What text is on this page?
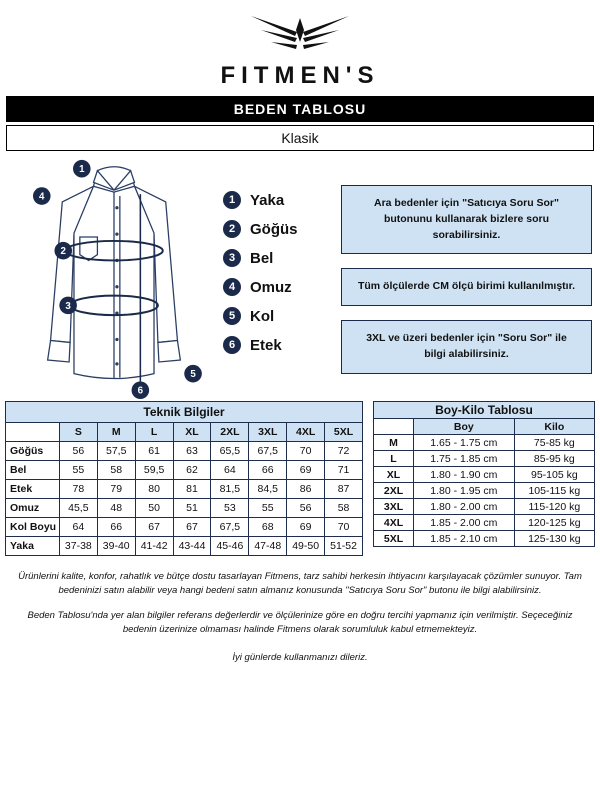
FITMEN'S
BEDEN TABLOSU
Klasik
1
2
3
4
5
6
1 Yaka
2 Göğüs
3 Bel
4 Omuz
5 Kol
6 Etek
Ara bedenler için "Satıcıya Soru Sor" butonunu kullanarak bizlere soru sorabilirsiniz.
Tüm ölçülerde CM ölçü birimi kullanılmıştır.
3XL ve üzeri bedenler için "Soru Sor" ile bilgi alabilirsiniz.
Teknik Bilgiler								
	S	M	L	XL	2XL	3XL	4XL	5XL
Göğüs	56	57,5	61	63	65,5	67,5	70	72
Bel	55	58	59,5	62	64	66	69	71
Etek	78	79	80	81	81,5	84,5	86	87
Omuz	45,5	48	50	51	53	55	56	58
Kol Boyu	64	66	67	67	67,5	68	69	70
Yaka	37-38	39-40	41-42	43-44	45-46	47-48	49-50	51-52
Boy-Kilo Tablosu		
	Boy	Kilo
M	1.65 - 1.75 cm	75-85 kg
L	1.75 - 1.85 cm	85-95 kg
XL	1.80 - 1.90 cm	95-105 kg
2XL	1.80 - 1.95 cm	105-115 kg
3XL	1.80 - 2.00 cm	115-120 kg
4XL	1.85 - 2.00 cm	120-125 kg
5XL	1.85 - 2.10 cm	125-130 kg

Ürünlerini kalite, konfor, rahatlık ve bütçe dostu tasarlayan Fitmens, tarz sahibi herkesin ihtiyacını karşılayacak çözümler sunuyor. Tam bedeninizi satın alabilir veya hangi bedeni satın almanız konusunda "Satıcıya Soru Sor" butonu ile bilgi alabilirsiniz.

Beden Tablosu'nda yer alan bilgiler referans değerlerdir ve ölçülerinize göre en doğru tercihi yapmanız için verilmiştir. Seçeceğiniz bedenin üzerinize olmaması halinde Fitmens olarak sorumluluk kabul etmemekteyiz.

İyi günlerde kullanmanızı dileriz.
